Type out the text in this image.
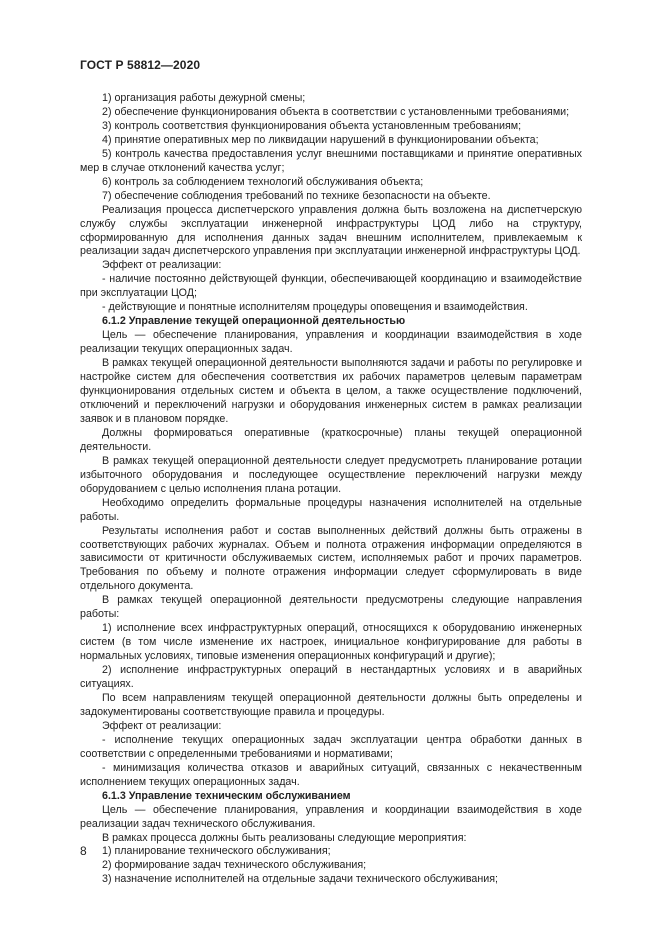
ГОСТ Р 58812—2020

1) организация работы дежурной смены;

2) обеспечение функционирования объекта в соответствии с установленными требованиями;

3) контроль соответствия функционирования объекта установленным требованиям;

4) принятие оперативных мер по ликвидации нарушений в функционировании объекта;

5) контроль качества предоставления услуг внешними поставщиками и принятие оперативных мер в случае отклонений качества услуг;

6) контроль за соблюдением технологий обслуживания объекта;

7) обеспечение соблюдения требований по технике безопасности на объекте.

Реализация процесса диспетчерского управления должна быть возложена на диспетчерскую службу службы эксплуатации инженерной инфраструктуры ЦОД либо на структуру, сформированную для исполнения данных задач внешним исполнителем, привлекаемым к реализации задач диспетчерского управления при эксплуатации инженерной инфраструктуры ЦОД.

Эффект от реализации:

- наличие постоянно действующей функции, обеспечивающей координацию и взаимодействие при эксплуатации ЦОД;

- действующие и понятные исполнителям процедуры оповещения и взаимодействия.

6.1.2 Управление текущей операционной деятельностью

Цель — обеспечение планирования, управления и координации взаимодействия в ходе реализации текущих операционных задач.

В рамках текущей операционной деятельности выполняются задачи и работы по регулировке и настройке систем для обеспечения соответствия их рабочих параметров целевым параметрам функционирования отдельных систем и объекта в целом, а также осуществление подключений, отключений и переключений нагрузки и оборудования инженерных систем в рамках реализации заявок и в плановом порядке.

Должны формироваться оперативные (краткосрочные) планы текущей операционной деятельности.

В рамках текущей операционной деятельности следует предусмотреть планирование ротации избыточного оборудования и последующее осуществление переключений нагрузки между оборудованием с целью исполнения плана ротации.

Необходимо определить формальные процедуры назначения исполнителей на отдельные работы.

Результаты исполнения работ и состав выполненных действий должны быть отражены в соответствующих рабочих журналах. Объем и полнота отражения информации определяются в зависимости от критичности обслуживаемых систем, исполняемых работ и прочих параметров. Требования по объему и полноте отражения информации следует сформулировать в виде отдельного документа.

В рамках текущей операционной деятельности предусмотрены следующие направления работы:

1) исполнение всех инфраструктурных операций, относящихся к оборудованию инженерных систем (в том числе изменение их настроек, инициальное конфигурирование для работы в нормальных условиях, типовые изменения операционных конфигураций и другие);

2) исполнение инфраструктурных операций в нестандартных условиях и в аварийных ситуациях.

По всем направлениям текущей операционной деятельности должны быть определены и задокументированы соответствующие правила и процедуры.

Эффект от реализации:

- исполнение текущих операционных задач эксплуатации центра обработки данных в соответствии с определенными требованиями и нормативами;

- минимизация количества отказов и аварийных ситуаций, связанных с некачественным исполнением текущих операционных задач.

6.1.3 Управление техническим обслуживанием

Цель — обеспечение планирования, управления и координации взаимодействия в ходе реализации задач технического обслуживания.

В рамках процесса должны быть реализованы следующие мероприятия:

1) планирование технического обслуживания;

2) формирование задач технического обслуживания;

3) назначение исполнителей на отдельные задачи технического обслуживания;

8
